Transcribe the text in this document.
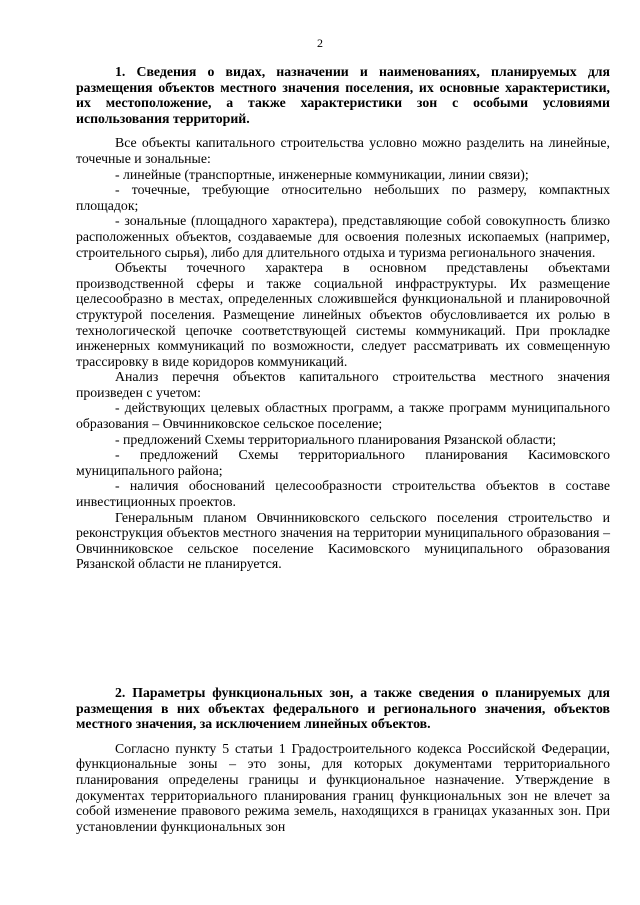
2

1. Сведения о видах, назначении и наименованиях, планируемых для размещения объектов местного значения поселения, их основные характеристики, их местоположение, а также характеристики зон с особыми условиями использования территорий.

Все объекты капитального строительства условно можно разделить на линейные, точечные и зональные:

- линейные (транспортные, инженерные коммуникации, линии связи);

- точечные, требующие относительно небольших по размеру, компактных площадок;

- зональные (площадного характера), представляющие собой совокупность близко расположенных объектов, создаваемые для освоения полезных ископаемых (например, строительного сырья), либо для длительного отдыха и туризма регионального значения.

Объекты точечного характера в основном представлены объектами производственной сферы и также социальной инфраструктуры. Их размещение целесообразно в местах, определенных сложившейся функциональной и планировочной структурой поселения. Размещение линейных объектов обусловливается их ролью в технологической цепочке соответствующей системы коммуникаций. При прокладке инженерных коммуникаций по возможности, следует рассматривать их совмещенную трассировку в виде коридоров коммуникаций.

Анализ перечня объектов капитального строительства местного значения произведен с учетом:

- действующих целевых областных программ, а также программ муниципального образования – Овчинниковское сельское поселение;

- предложений Схемы территориального планирования Рязанской области;

- предложений Схемы территориального планирования Касимовского муниципального района;

- наличия обоснований целесообразности строительства объектов в составе инвестиционных проектов.

Генеральным планом Овчинниковского сельского поселения строительство и реконструкция объектов местного значения на территории муниципального образования – Овчинниковское сельское поселение Касимовского муниципального образования Рязанской области не планируется.

2. Параметры функциональных зон, а также сведения о планируемых для размещения в них объектах федерального и регионального значения, объектов местного значения, за исключением линейных объектов.

Согласно пункту 5 статьи 1 Градостроительного кодекса Российской Федерации, функциональные зоны – это зоны, для которых документами территориального планирования определены границы и функциональное назначение. Утверждение в документах территориального планирования границ функциональных зон не влечет за собой изменение правового режима земель, находящихся в границах указанных зон. При установлении функциональных зон
